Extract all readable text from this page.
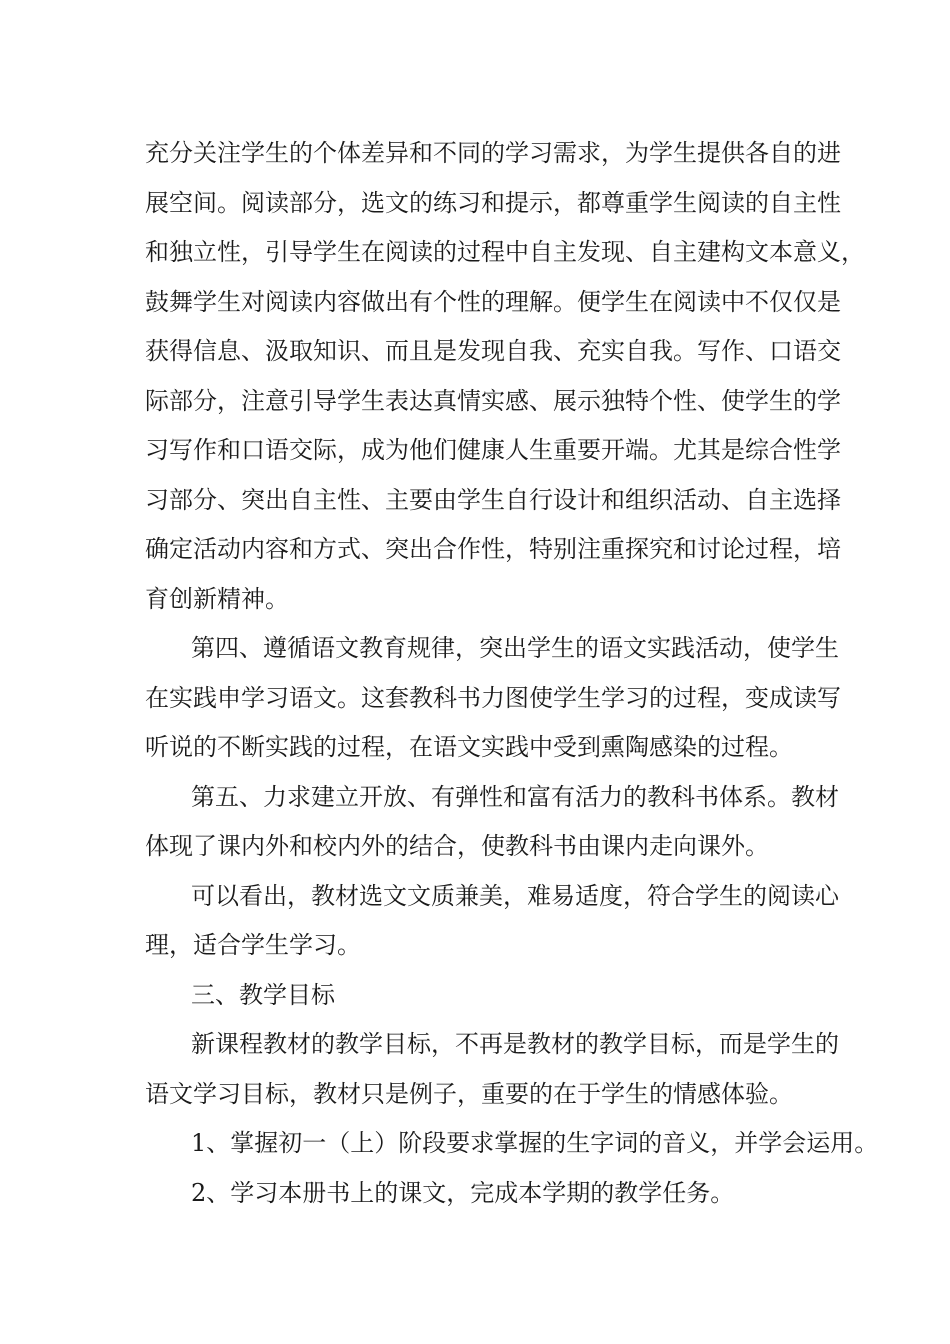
充分关注学生的个体差异和不同的学习需求，为学生提供各自的进
展空间。阅读部分，选文的练习和提示，都尊重学生阅读的自主性
和独立性，引导学生在阅读的过程中自主发现、自主建构文本意义，
鼓舞学生对阅读内容做出有个性的理解。便学生在阅读中不仅仅是
获得信息、汲取知识、而且是发现自我、充实自我。写作、口语交
际部分，注意引导学生表达真情实感、展示独特个性、使学生的学
习写作和口语交际，成为他们健康人生重要开端。尤其是综合性学
习部分、突出自主性、主要由学生自行设计和组织活动、自主选择
确定活动内容和方式、突出合作性，特别注重探究和讨论过程，培
育创新精神。
第四、遵循语文教育规律，突出学生的语文实践活动，使学生
在实践申学习语文。这套教科书力图使学生学习的过程，变成读写
听说的不断实践的过程，在语文实践中受到熏陶感染的过程。
第五、力求建立开放、有弹性和富有活力的教科书体系。教材
体现了课内外和校内外的结合，使教科书由课内走向课外。
可以看出，教材选文文质兼美，难易适度，符合学生的阅读心
理，适合学生学习。
三、教学目标
新课程教材的教学目标，不再是教材的教学目标，而是学生的
语文学习目标，教材只是例子，重要的在于学生的情感体验。
1、掌握初一（上）阶段要求掌握的生字词的音义，并学会运用。
2、学习本册书上的课文，完成本学期的教学任务。
